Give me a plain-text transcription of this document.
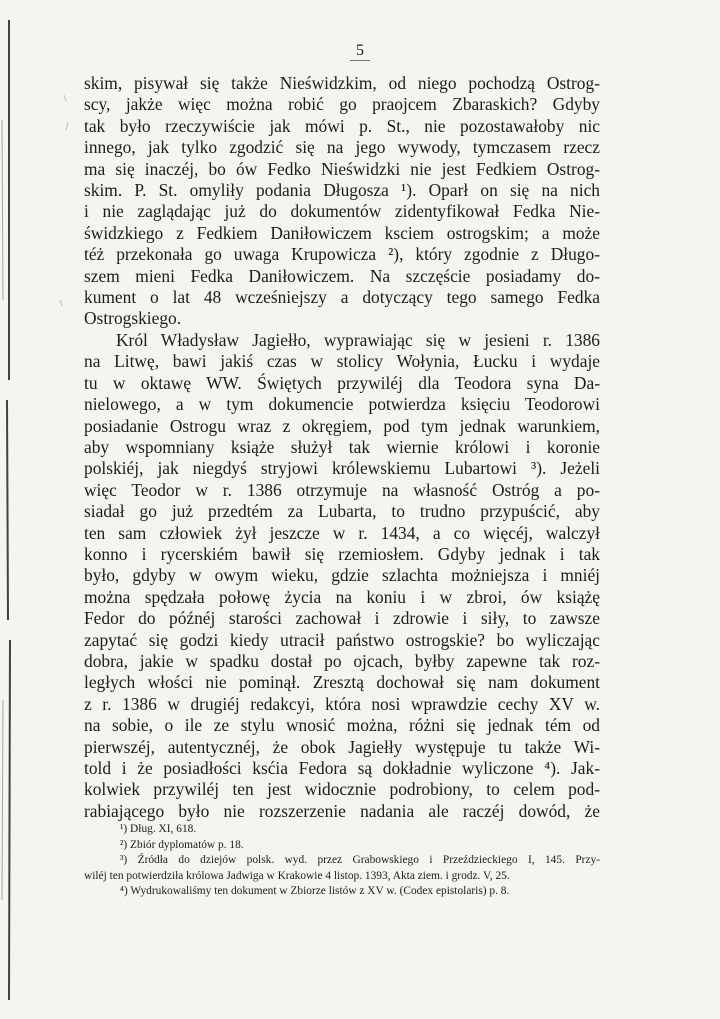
5
skim, pisywał się także Nieświdzkim, od niego pochodzą Ostrog-
scy, jakże więc można robić go praojcem Zbaraskich? Gdyby
tak było rzeczywiście jak mówi p. St., nie pozostawałoby nic
innego, jak tylko zgodzić się na jego wywody, tymczasem rzecz
ma się inaczéj, bo ów Fedko Nieświdzki nie jest Fedkiem Ostrog-
skim. P. St. omyliły podania Długosza ¹). Oparł on się na nich
i nie zaglądając już do dokumentów zidentyfikował Fedka Nie-
świdzkiego z Fedkiem Daniłowiczem ksciem ostrogskim; a może
téż przekonała go uwaga Krupowicza ²), który zgodnie z Długo-
szem mieni Fedka Daniłowiczem. Na szczęście posiadamy do-
kument o lat 48 wcześniejszy a dotyczący tego samego Fedka
Ostrogskiego.
Król Władysław Jagiełło, wyprawiając się w jesieni r. 1386
na Litwę, bawi jakiś czas w stolicy Wołynia, Łucku i wydaje
tu w oktawę WW. Świętych przywiléj dla Teodora syna Da-
nielowego, a w tym dokumencie potwierdza księciu Teodorowi
posiadanie Ostrogu wraz z okręgiem, pod tym jednak warunkiem,
aby wspomniany książe służył tak wiernie królowi i koronie
polskiéj, jak niegdyś stryjowi królewskiemu Lubartowi ³). Jeżeli
więc Teodor w r. 1386 otrzymuje na własność Ostróg a po-
siadał go już przedtém za Lubarta, to trudno przypuścić, aby
ten sam człowiek żył jeszcze w r. 1434, a co więcéj, walczył
konno i rycerskiém bawił się rzemiosłem. Gdyby jednak i tak
było, gdyby w owym wieku, gdzie szlachta możniejsza i mniéj
można spędzała połowę życia na koniu i w zbroi, ów książę
Fedor do późnéj starości zachował i zdrowie i siły, to zawsze
zapytać się godzi kiedy utracił państwo ostrogskie? bo wyliczając
dobra, jakie w spadku dostał po ojcach, byłby zapewne tak roz-
ległych włości nie pominął. Zresztą dochował się nam dokument
z r. 1386 w drugiéj redakcyi, która nosi wprawdzie cechy XV w.
na sobie, o ile ze stylu wnosić można, różni się jednak tém od
pierwszéj, autentycznéj, że obok Jagiełły występuje tu także Wi-
told i że posiadłości ksćia Fedora są dokładnie wyliczone ⁴). Jak-
kolwiek przywiléj ten jest widocznie podrobiony, to celem pod-
rabiającego było nie rozszerzenie nadania ale raczéj dowód, że
¹) Dług. XI, 618.
²) Zbiór dyplomatów p. 18.
³) Źródła do dziejów polsk. wyd. przez Grabowskiego i Przeździeckiego I, 145. Przy-
wiléj ten potwierdziła królowa Jadwiga w Krakowie 4 listop. 1393, Akta ziem. i grodz. V, 25.
⁴) Wydrukowaliśmy ten dokument w Zbiorze listów z XV w. (Codex epistolaris) p. 8.
